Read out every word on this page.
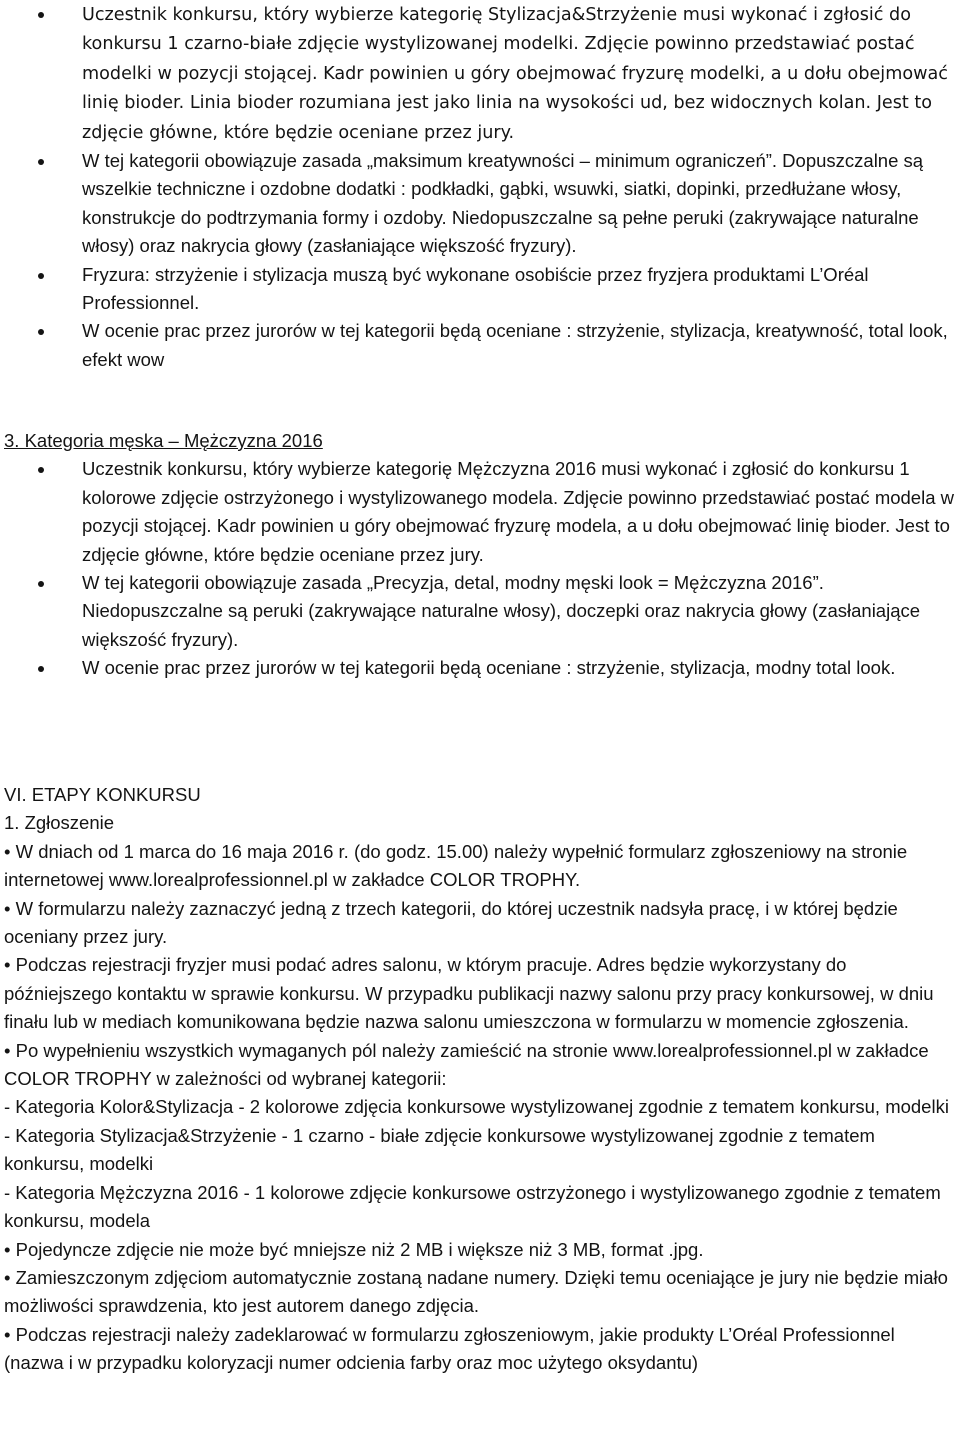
Uczestnik konkursu, który wybierze kategorię Stylizacja&Strzyżenie musi wykonać i zgłosić do konkursu 1 czarno-białe zdjęcie wystylizowanej modelki. Zdjęcie powinno przedstawiać postać modelki w pozycji stojącej. Kadr powinien u góry obejmować fryzurę modelki, a u dołu obejmować linię bioder. Linia bioder rozumiana jest jako linia na wysokości ud, bez widocznych kolan. Jest to zdjęcie główne, które będzie oceniane przez jury.
W tej kategorii obowiązuje zasada „maksimum kreatywności – minimum ograniczeń”. Dopuszczalne są wszelkie techniczne i ozdobne dodatki : podkładki, gąbki, wsuwki, siatki, dopinki, przedłużane włosy, konstrukcje do podtrzymania formy i ozdoby. Niedopuszczalne są pełne peruki (zakrywające naturalne włosy) oraz nakrycia głowy (zasłaniające większość fryzury).
Fryzura: strzyżenie i stylizacja muszą być wykonane osobiście przez fryzjera produktami L’Oréal Professionnel.
W ocenie prac przez jurorów w tej kategorii będą oceniane : strzyżenie, stylizacja, kreatywność, total look, efekt wow
3. Kategoria męska – Mężczyzna 2016
Uczestnik konkursu, który wybierze kategorię Mężczyzna 2016 musi wykonać i zgłosić do konkursu 1 kolorowe zdjęcie ostrzyżonego i wystylizowanego modela. Zdjęcie powinno przedstawiać postać modela w pozycji stojącej. Kadr powinien u góry obejmować fryzurę modela, a u dołu obejmować linię bioder. Jest to zdjęcie główne, które będzie oceniane przez jury.
W tej kategorii obowiązuje zasada „Precyzja, detal, modny męski look = Mężczyzna 2016”. Niedopuszczalne są peruki (zakrywające naturalne włosy), doczepki oraz nakrycia głowy (zasłaniające większość fryzury).
W ocenie prac przez jurorów w tej kategorii będą oceniane : strzyżenie, stylizacja, modny total look.

VI. ETAPY KONKURSU

1. Zgłoszenie

• W dniach od 1 marca do 16 maja 2016 r. (do godz. 15.00) należy wypełnić formularz zgłoszeniowy na stronie internetowej www.lorealprofessionnel.pl w zakładce COLOR TROPHY.

• W formularzu należy zaznaczyć jedną z trzech kategorii, do której uczestnik nadsyła pracę, i w której będzie oceniany przez jury.

• Podczas rejestracji fryzjer musi podać adres salonu, w którym pracuje. Adres będzie wykorzystany do późniejszego kontaktu w sprawie konkursu. W przypadku publikacji nazwy salonu przy pracy konkursowej, w dniu finału lub w mediach komunikowana będzie nazwa salonu umieszczona w formularzu w momencie zgłoszenia.

• Po wypełnieniu wszystkich wymaganych pól należy zamieścić na stronie www.lorealprofessionnel.pl w zakładce COLOR TROPHY w zależności od wybranej kategorii:

- Kategoria Kolor&Stylizacja - 2 kolorowe zdjęcia konkursowe wystylizowanej zgodnie z tematem konkursu, modelki

- Kategoria Stylizacja&Strzyżenie - 1 czarno - białe zdjęcie konkursowe wystylizowanej zgodnie z tematem konkursu, modelki

- Kategoria Mężczyzna 2016 - 1 kolorowe zdjęcie konkursowe ostrzyżonego i wystylizowanego zgodnie z tematem konkursu, modela

• Pojedyncze zdjęcie nie może być mniejsze niż 2 MB i większe niż 3 MB, format .jpg.

• Zamieszczonym zdjęciom automatycznie zostaną nadane numery. Dzięki temu oceniające je jury nie będzie miało możliwości sprawdzenia, kto jest autorem danego zdjęcia.

• Podczas rejestracji należy zadeklarować w formularzu zgłoszeniowym, jakie produkty L’Oréal Professionnel (nazwa i w przypadku koloryzacji numer odcienia farby oraz moc użytego oksydantu)
